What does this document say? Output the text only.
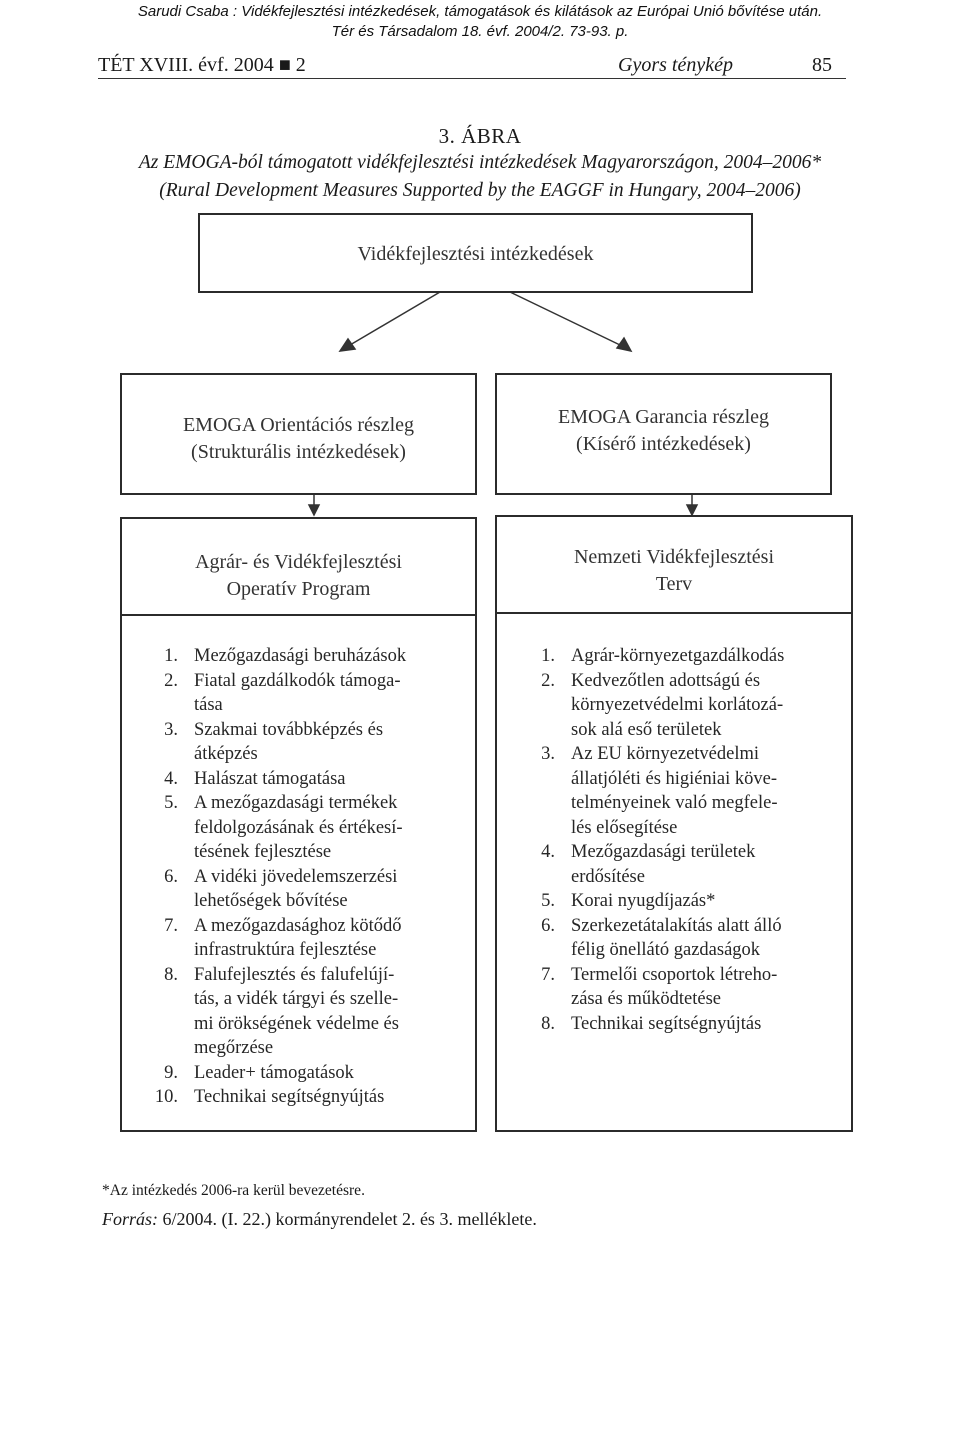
Sarudi Csaba : Vidékfejlesztési intézkedések, támogatások és kilátások az Európai Unió bővítése után.
Tér és Társadalom 18. évf. 2004/2. 73-93. p.
TÉT XVIII. évf. 2004 ■ 2	Gyors ténykép	85
3. ÁBRA
Az EMOGA-ból támogatott vidékfejlesztési intézkedések Magyarországon, 2004–2006*
(Rural Development Measures Supported by the EAGGF in Hungary, 2004–2006)
Vidékfejlesztési intézkedések
EMOGA Orientációs részleg
(Strukturális intézkedések)
EMOGA Garancia részleg
(Kísérő intézkedések)
Agrár- és Vidékfejlesztési
Operatív Program
Nemzeti Vidékfejlesztési
Terv
1. Mezőgazdasági beruházások
2. Fiatal gazdálkodók támoga-
tása
3. Szakmai továbbképzés és
átképzés
4. Halászat támogatása
5. A mezőgazdasági termékek
feldolgozásának és értékesí-
tésének fejlesztése
6. A vidéki jövedelemszerzési
lehetőségek bővítése
7. A mezőgazdasághoz kötődő
infrastruktúra fejlesztése
8. Falufejlesztés és falufelújí-
tás, a vidék tárgyi és szelle-
mi örökségének védelme és
megőrzése
9. Leader+ támogatások
10. Technikai segítségnyújtás
1. Agrár-környezetgazdálkodás
2. Kedvezőtlen adottságú és
környezetvédelmi korlátozá-
sok alá eső területek
3. Az EU környezetvédelmi
állatjóléti és higiéniai köve-
telményeinek való megfele-
lés elősegítése
4. Mezőgazdasági területek
erdősítése
5. Korai nyugdíjazás*
6. Szerkezetátalakítás alatt álló
félig önellátó gazdaságok
7. Termelői csoportok létreho-
zása és működtetése
8. Technikai segítségnyújtás
*Az intézkedés 2006-ra kerül bevezetésre.
Forrás: 6/2004. (I. 22.) kormányrendelet 2. és 3. melléklete.
